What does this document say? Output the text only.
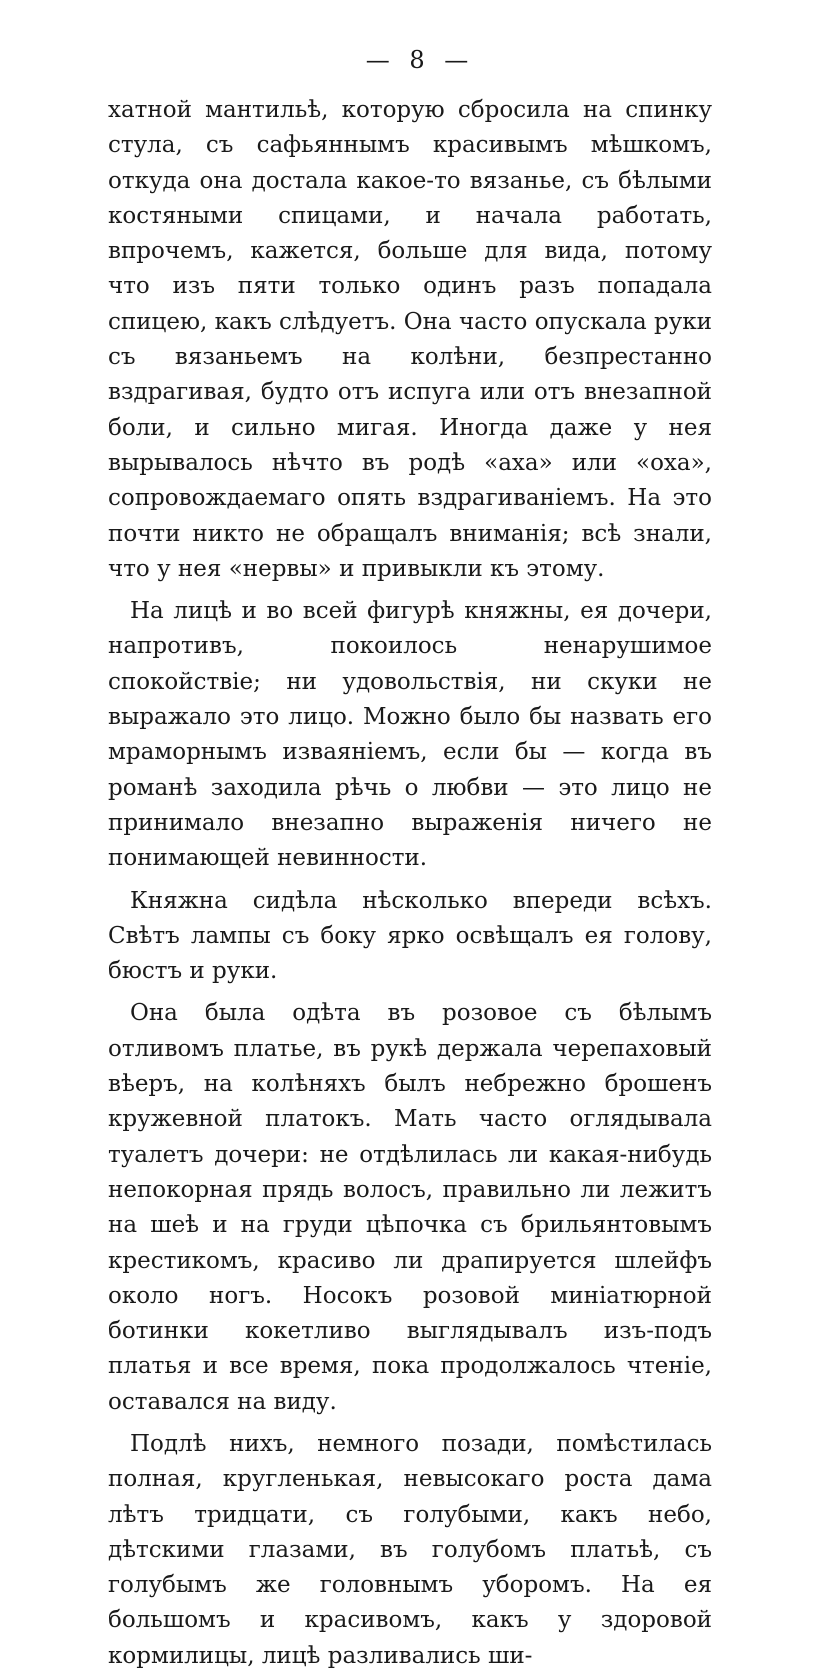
— 8 —

хатной мантильѣ, которую сбросила на спинку стула, съ сафьяннымъ красивымъ мѣшкомъ, откуда она достала какое-то вязанье, съ бѣлыми костяными спицами, и начала работать, впрочемъ, кажется, больше для вида, потому что изъ пяти только одинъ разъ попадала спицею, какъ слѣдуетъ. Она часто опускала руки съ вязаньемъ на колѣни, безпрестанно вздрагивая, будто отъ испуга или отъ внезапной боли, и сильно мигая. Иногда даже у нея вырывалось нѣчто въ родѣ «аха» или «оха», сопровождаемаго опять вздрагиваніемъ. На это почти никто не обращалъ вниманія; всѣ знали, что у нея «нервы» и привыкли къ этому.

На лицѣ и во всей фигурѣ княжны, ея дочери, напротивъ, покоилось ненарушимое спокойствіе; ни удовольствія, ни скуки не выражало это лицо. Можно было бы назвать его мраморнымъ изваяніемъ, если бы — когда въ романѣ заходила рѣчь о любви — это лицо не принимало внезапно выраженія ничего не понимающей невинности.

Княжна сидѣла нѣсколько впереди всѣхъ. Свѣтъ лампы съ боку ярко освѣщалъ ея голову, бюстъ и руки.

Она была одѣта въ розовое съ бѣлымъ отливомъ платье, въ рукѣ держала черепаховый вѣеръ, на колѣняхъ былъ небрежно брошенъ кружевной платокъ. Мать часто оглядывала туалетъ дочери: не отдѣлилась ли какая-нибудь непокорная прядь волосъ, правильно ли лежитъ на шеѣ и на груди цѣпочка съ брильянтовымъ крестикомъ, красиво ли драпируется шлейфъ около ногъ. Носокъ розовой миніатюрной ботинки кокетливо выглядывалъ изъ-подъ платья и все время, пока продолжалось чтеніе, оставался на виду.

Подлѣ нихъ, немного позади, помѣстилась полная, кругленькая, невысокаго роста дама лѣтъ тридцати, съ голубыми, какъ небо, дѣтскими глазами, въ голубомъ платьѣ, съ голубымъ же головнымъ уборомъ. На ея большомъ и красивомъ, какъ у здоровой кормилицы, лицѣ разливались ши-
